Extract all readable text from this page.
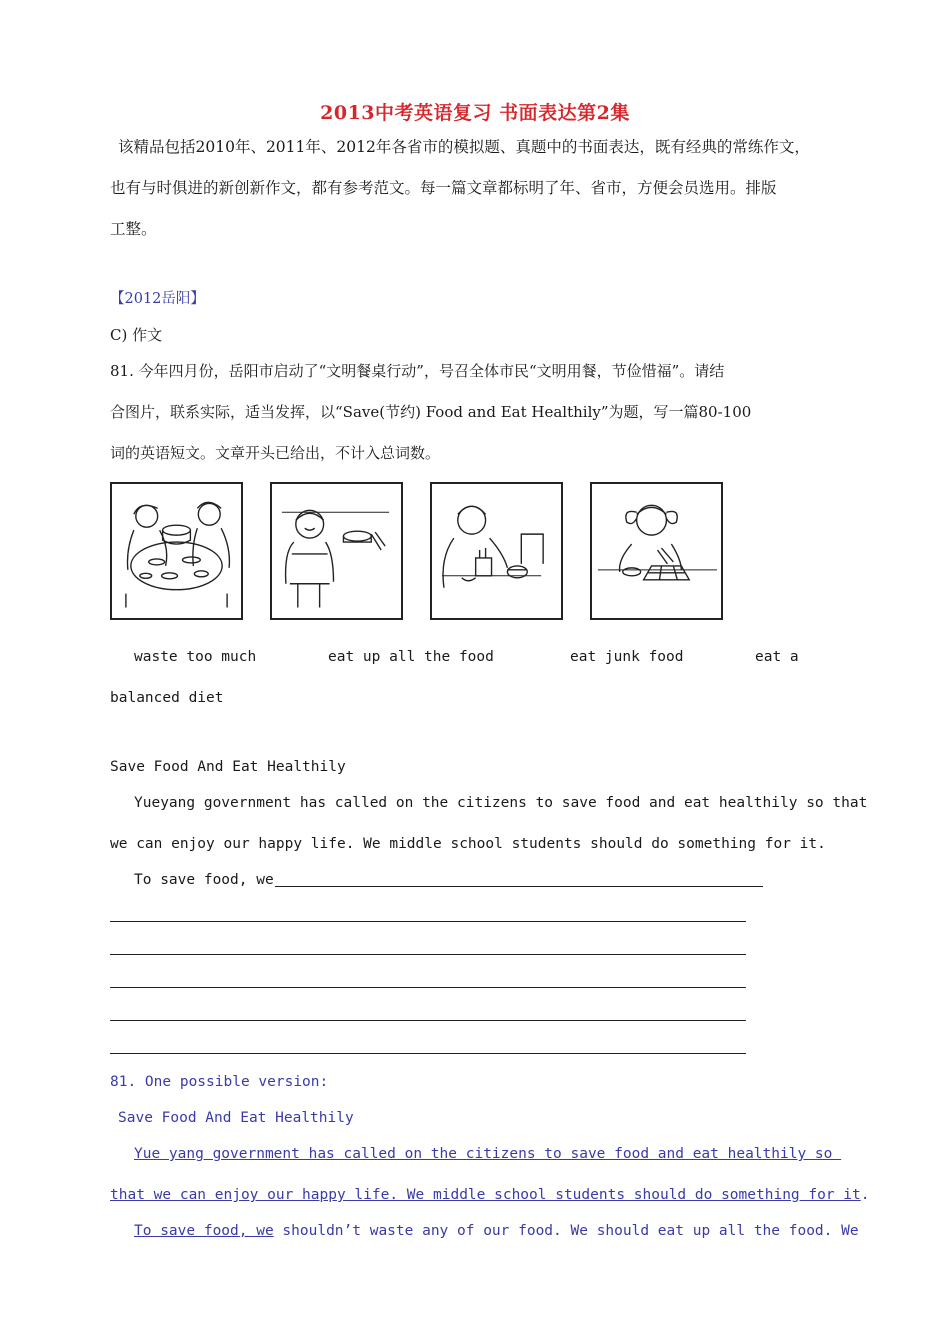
2013中考英语复习 书面表达第2集
该精品包括2010年、2011年、2012年各省市的模拟题、真题中的书面表达，既有经典的常练作文，
也有与时俱进的新创新作文，都有参考范文。每一篇文章都标明了年、省市，方便会员选用。排版
工整。
【2012岳阳】
C) 作文
81. 今年四月份，岳阳市启动了“文明餐桌行动”，号召全体市民“文明用餐，节俭惜福”。请结
合图片，联系实际，适当发挥，以“Save(节约) Food and Eat Healthily”为题，写一篇80-100
词的英语短文。文章开头已给出，不计入总词数。
waste too much	eat up all the food	eat junk food	eat a
balanced diet
Save Food And Eat Healthily
Yueyang government has called on the citizens to save food and eat healthily so that
we can enjoy our happy life. We middle school students should do something for it.
To save food, we
81. One possible version:
Save Food And Eat Healthily
Yue yang government has called on the citizens to save food and eat healthily so
that we can enjoy our happy life. We middle school students should do something for it.
To save food, we shouldn’t waste any of our food. We should eat up all the food. We
